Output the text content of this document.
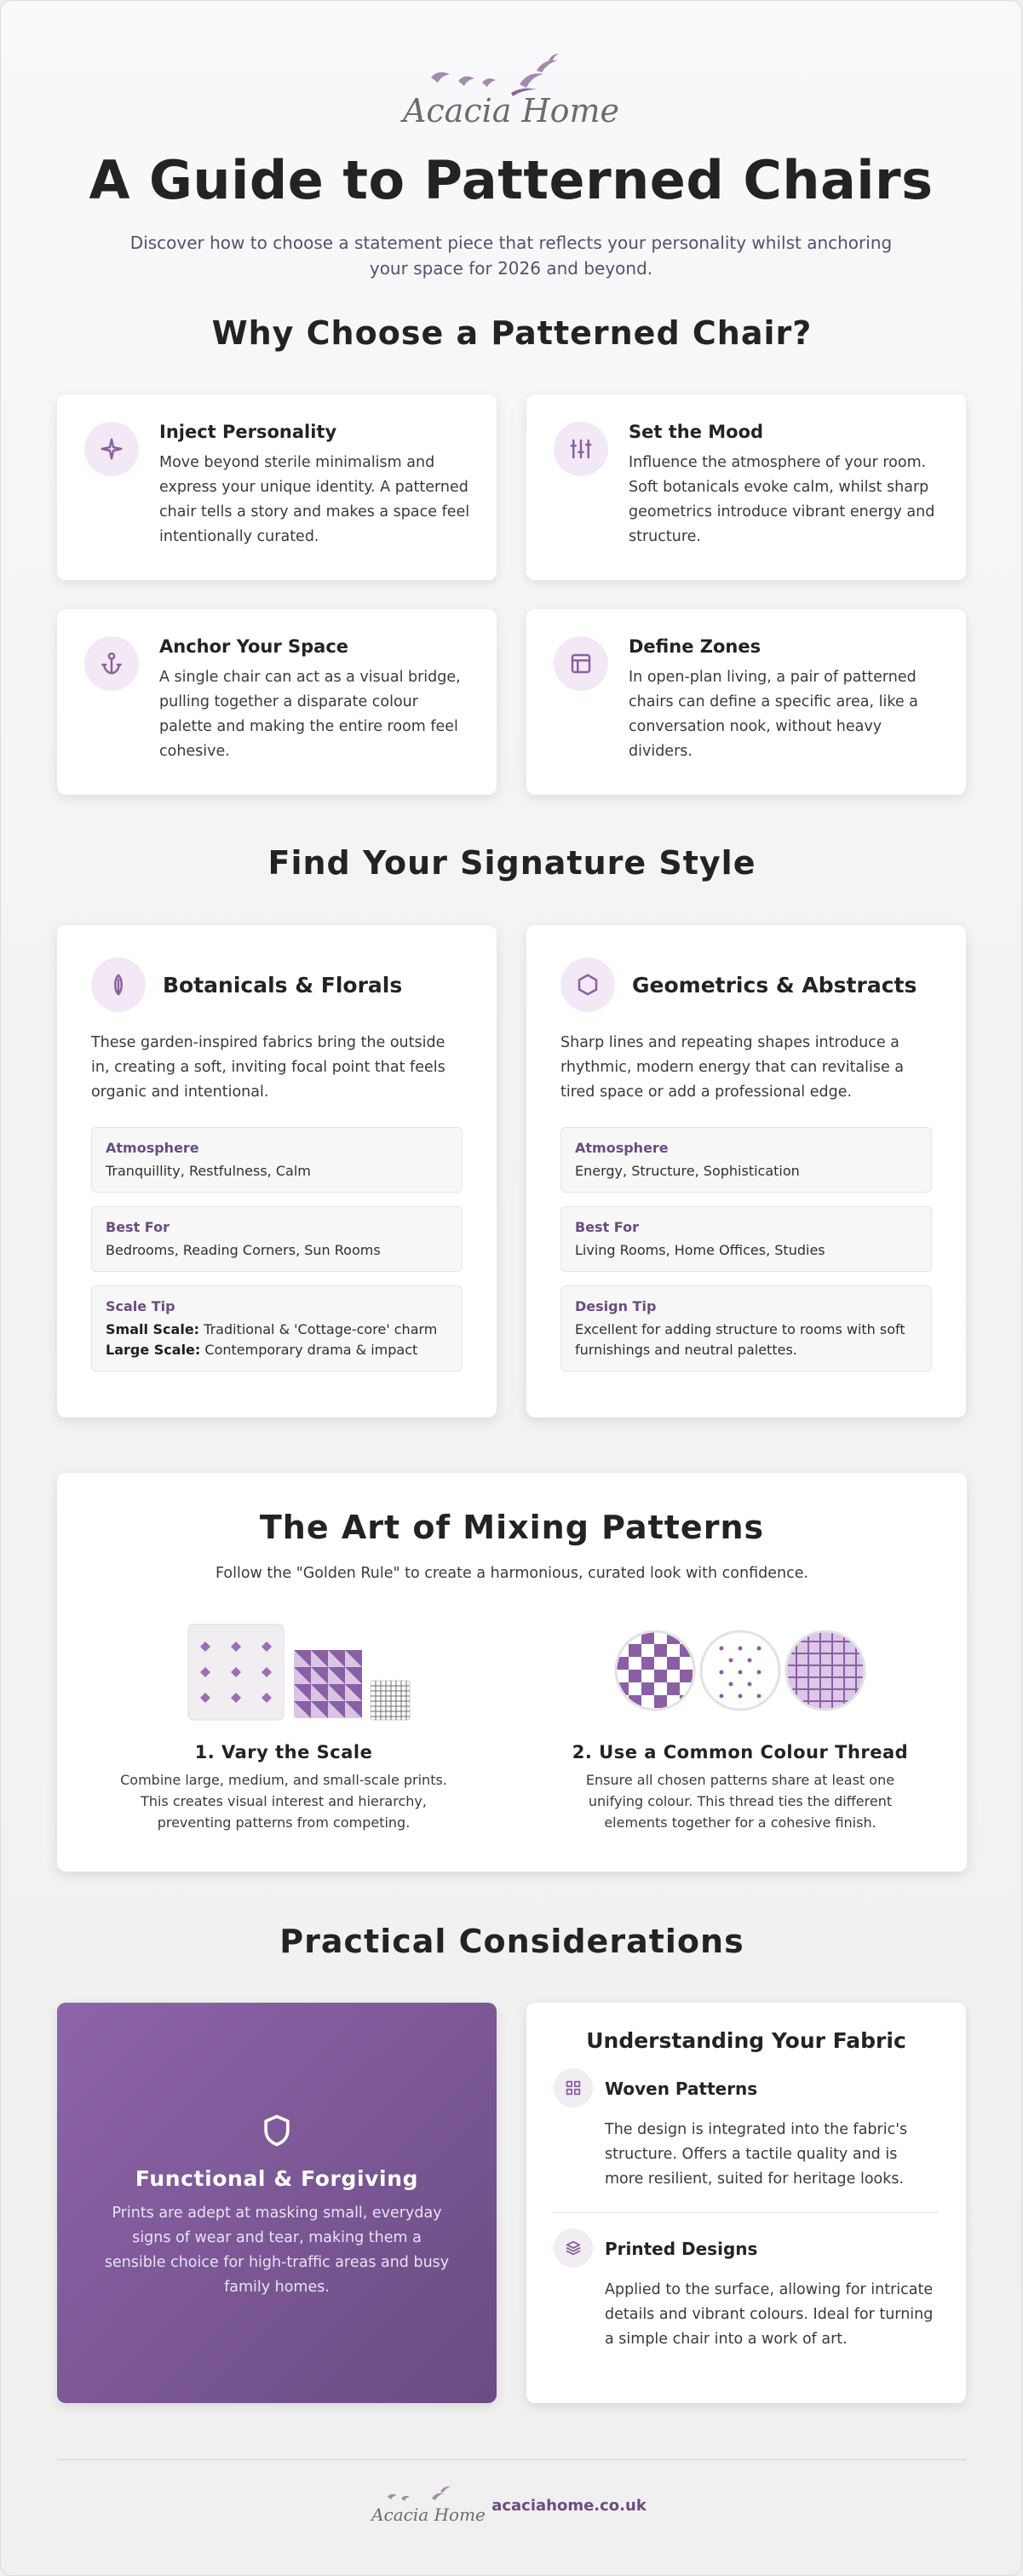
Acacia Home
A Guide to Patterned Chairs

Discover how to choose a statement piece that reflects your personality whilst anchoring your space for 2026 and beyond.

Why Choose a Patterned Chair?

Inject Personality

Move beyond sterile minimalism and express your unique identity. A patterned chair tells a story and makes a space feel intentionally curated.

Set the Mood

Influence the atmosphere of your room. Soft botanicals evoke calm, whilst sharp geometrics introduce vibrant energy and structure.

Anchor Your Space

A single chair can act as a visual bridge, pulling together a disparate colour palette and making the entire room feel cohesive.

Define Zones

In open-plan living, a pair of patterned chairs can define a specific area, like a conversation nook, without heavy dividers.

Find Your Signature Style
Botanicals & Florals

These garden-inspired fabrics bring the outside in, creating a soft, inviting focal point that feels organic and intentional.

Atmosphere
Tranquillity, Restfulness, Calm
Best For
Bedrooms, Reading Corners, Sun Rooms
Scale Tip
Small Scale: Traditional & 'Cottage-core' charm
Large Scale: Contemporary drama & impact
Geometrics & Abstracts

Sharp lines and repeating shapes introduce a rhythmic, modern energy that can revitalise a tired space or add a professional edge.

Atmosphere
Energy, Structure, Sophistication
Best For
Living Rooms, Home Offices, Studies
Design Tip
Excellent for adding structure to rooms with soft furnishings and neutral palettes.
The Art of Mixing Patterns

Follow the "Golden Rule" to create a harmonious, curated look with confidence.

1. Vary the Scale

Combine large, medium, and small-scale prints. This creates visual interest and hierarchy, preventing patterns from competing.

2. Use a Common Colour Thread

Ensure all chosen patterns share at least one unifying colour. This thread ties the different elements together for a cohesive finish.

Practical Considerations

Functional & Forgiving

Prints are adept at masking small, everyday signs of wear and tear, making them a sensible choice for high-traffic areas and busy family homes.

Understanding Your Fabric

Woven Patterns

The design is integrated into the fabric's structure. Offers a tactile quality and is more resilient, suited for heritage looks.

Printed Designs

Applied to the surface, allowing for intricate details and vibrant colours. Ideal for turning a simple chair into a work of art.

Acacia Home acaciahome.co.uk
